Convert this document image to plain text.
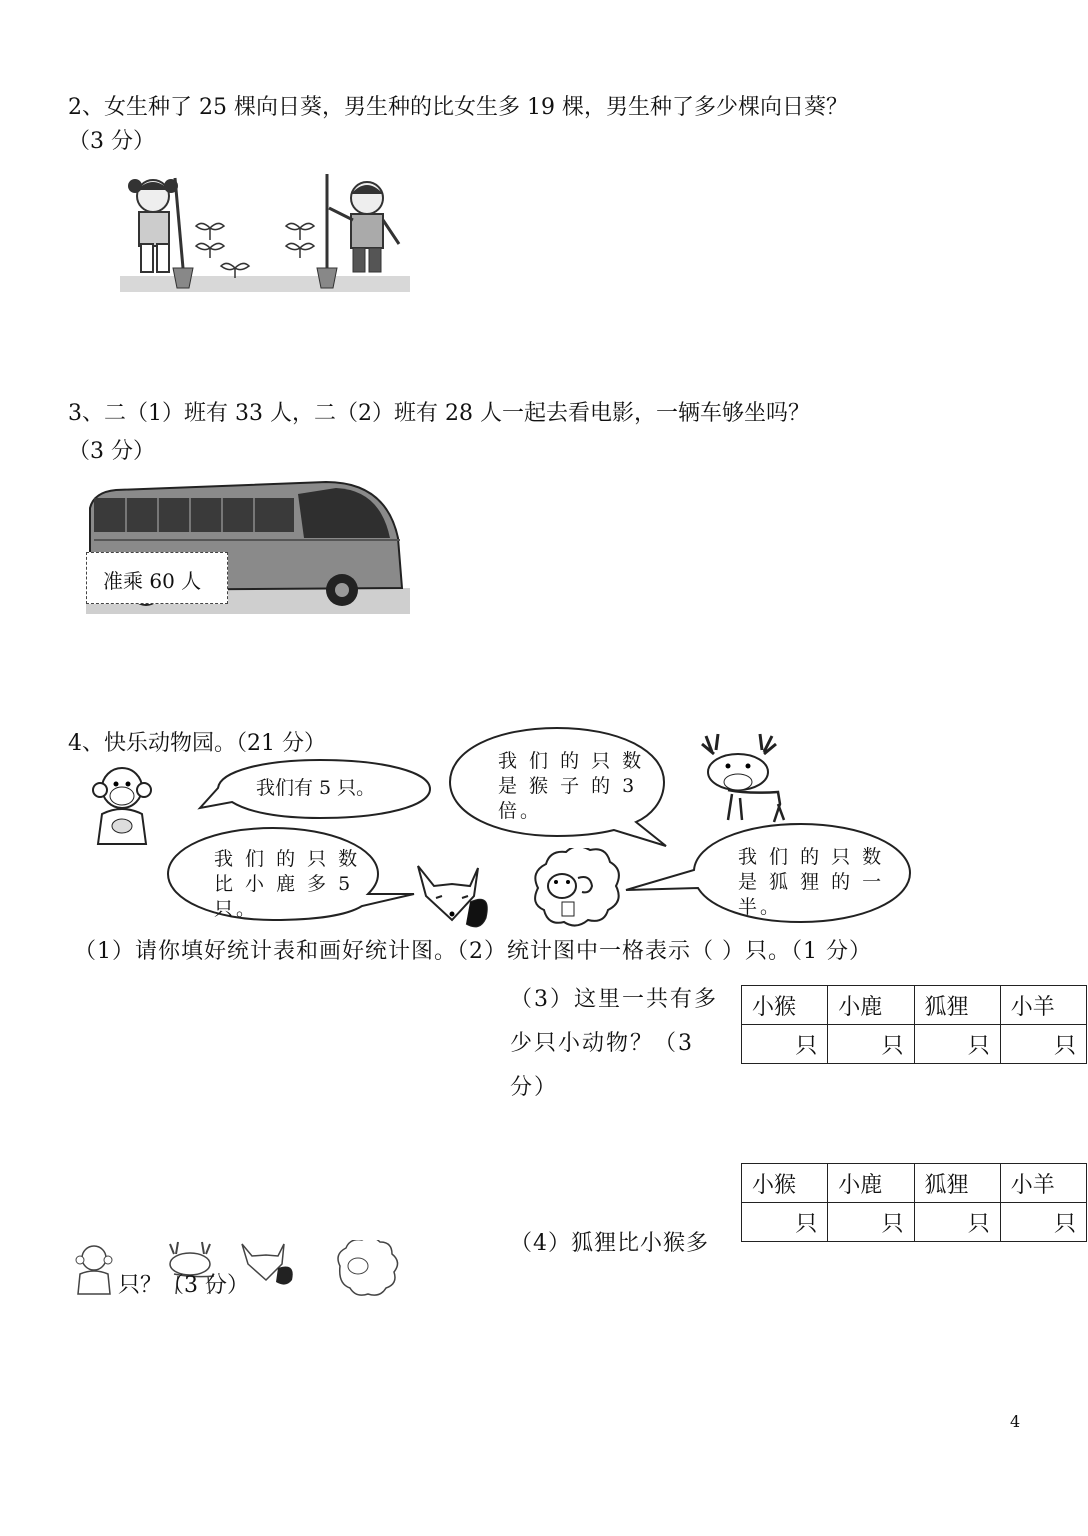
2、女生种了 25 棵向日葵，男生种的比女生多 19 棵，男生种了多少棵向日葵？
（3 分）
3、二（1）班有 33 人，二（2）班有 28 人一起去看电影，一辆车够坐吗？
（3 分）
准乘 60 人
4、快乐动物园。（21 分）
我们有 5 只。
我 们 的 只 数
是 猴 子 的 3
倍。
我 们 的 只 数
比 小 鹿 多 5
只。
我 们 的 只 数
是 狐 狸 的 一
半。
（1）请你填好统计表和画好统计图。（2）统计图中一格表示（ ）只。（1 分）
（3）这里一共有多
少只小动物？（3
分）
小猴	小鹿	狐狸	小羊
只	只	只	只
小猴	小鹿	狐狸	小羊
只	只	只	只
（4）狐狸比小猴多
只？（3 分）
4
